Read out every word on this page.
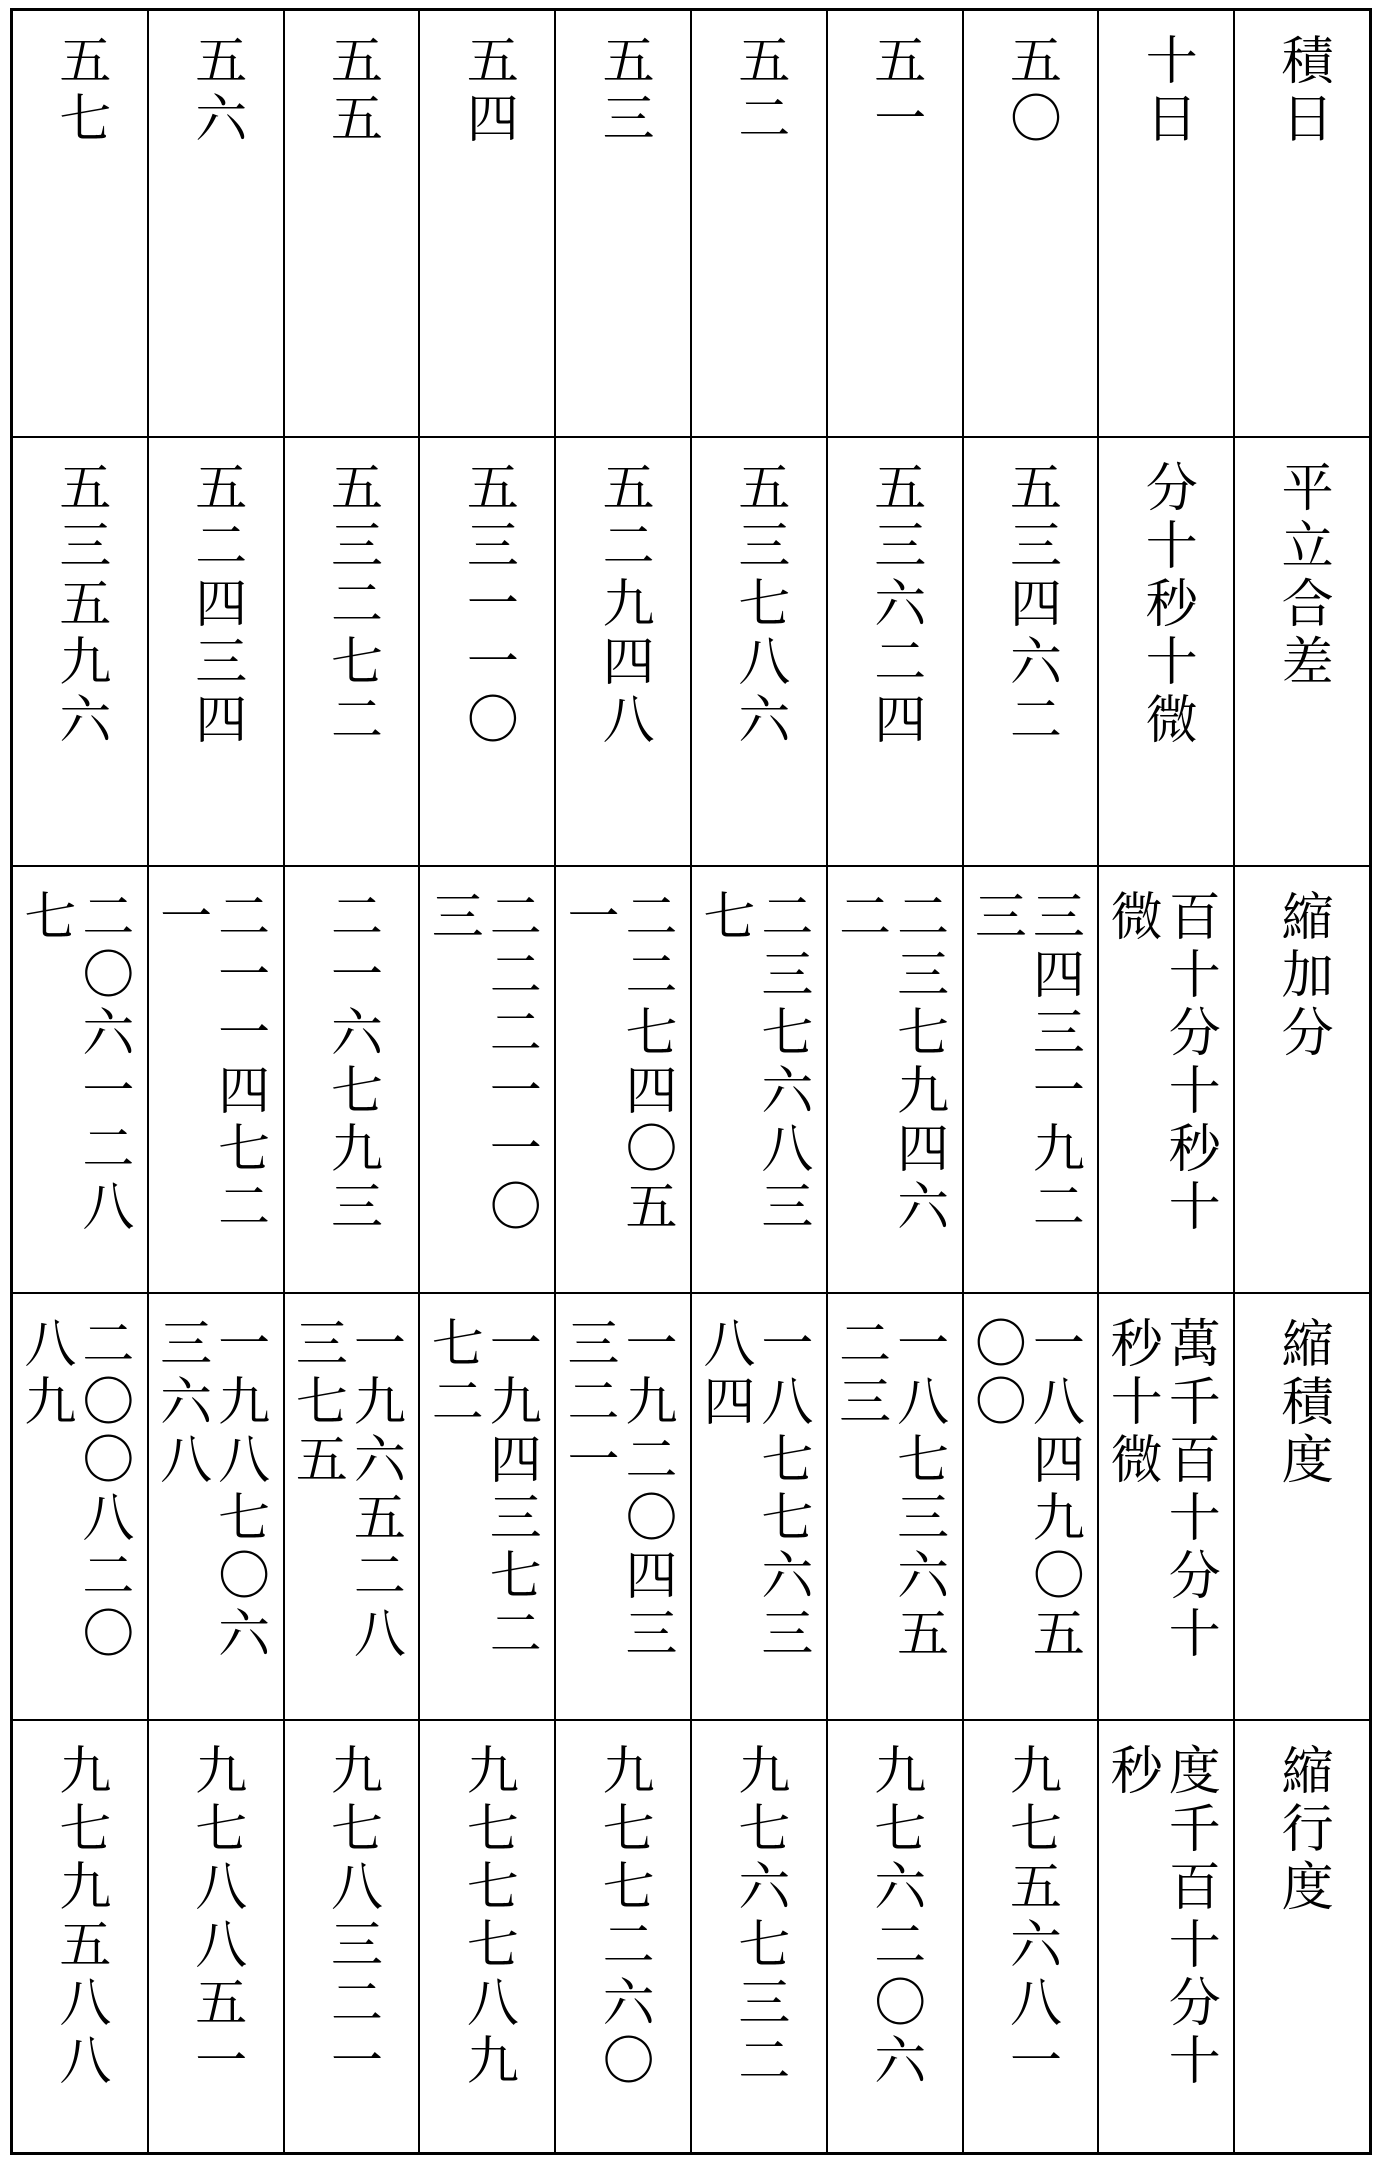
積日
平立合差
縮加分
縮積度
縮行度
十日
分十秒十微
百十分十秒十
微
萬千百十分十
秒十微
度千百十分十
秒
五〇
五三四六二
三四三一九二
三
一八四九〇五
〇〇
九七五六八一
五一
五三六二四
二三七九四六
二
一八七三六五
二三
九七六二〇六
五二
五三七八六
二三七六八三
七
一八七七六三
八四
九七六七三二
五三
五二九四八
二二七四〇五
一
一九二〇四三
三二一
九七七二六〇
五四
五三一一〇
二二二一一〇
三
一九四三七二
七二
九七七七八九
五五
五三二七二
二一六七九三
一九六五二八
三七五
九七八三二一
五六
五二四三四
二一一四七二
一
一九八七〇六
三六八
九七八八五一
五七
五三五九六
二〇六一二八
七
二〇〇八二〇
八九
九七九五八八
